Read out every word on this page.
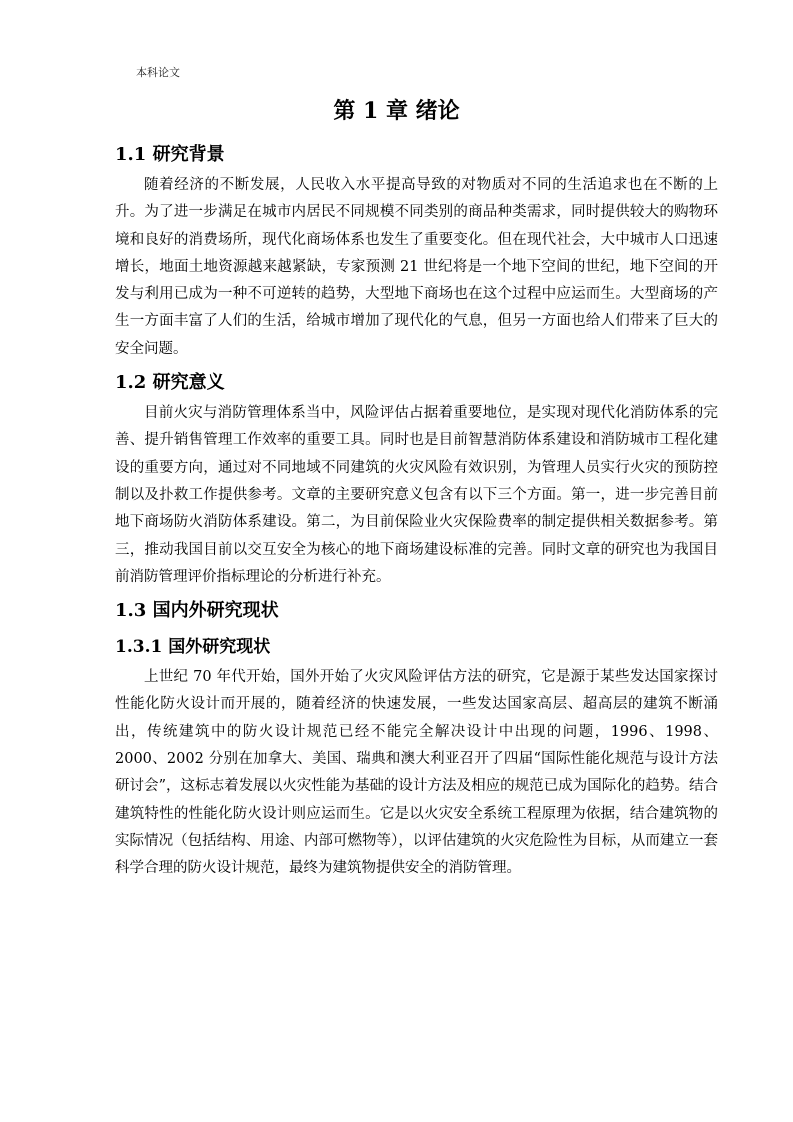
本科论文
第 1 章 绪论
1.1 研究背景

随着经济的不断发展，人民收入水平提高导致的对物质对不同的生活追求也在不断的上升。为了进一步满足在城市内居民不同规模不同类别的商品种类需求，同时提供较大的购物环境和良好的消费场所，现代化商场体系也发生了重要变化。但在现代社会，大中城市人口迅速增长，地面土地资源越来越紧缺，专家预测 21 世纪将是一个地下空间的世纪，地下空间的开发与利用已成为一种不可逆转的趋势，大型地下商场也在这个过程中应运而生。大型商场的产生一方面丰富了人们的生活，给城市增加了现代化的气息，但另一方面也给人们带来了巨大的安全问题。

1.2 研究意义

目前火灾与消防管理体系当中，风险评估占据着重要地位，是实现对现代化消防体系的完善、提升销售管理工作效率的重要工具。同时也是目前智慧消防体系建设和消防城市工程化建设的重要方向，通过对不同地域不同建筑的火灾风险有效识别，为管理人员实行火灾的预防控制以及扑救工作提供参考。文章的主要研究意义包含有以下三个方面。第一，进一步完善目前地下商场防火消防体系建设。第二，为目前保险业火灾保险费率的制定提供相关数据参考。第三，推动我国目前以交互安全为核心的地下商场建设标准的完善。同时文章的研究也为我国目前消防管理评价指标理论的分析进行补充。

1.3 国内外研究现状
1.3.1 国外研究现状

上世纪 70 年代开始，国外开始了火灾风险评估方法的研究，它是源于某些发达国家探讨性能化防火设计而开展的，随着经济的快速发展，一些发达国家高层、超高层的建筑不断涌出，传统建筑中的防火设计规范已经不能完全解决设计中出现的问题，1996、1998、2000、2002 分别在加拿大、美国、瑞典和澳大利亚召开了四届“国际性能化规范与设计方法研讨会”，这标志着发展以火灾性能为基础的设计方法及相应的规范已成为国际化的趋势。结合建筑特性的性能化防火设计则应运而生。它是以火灾安全系统工程原理为依据，结合建筑物的实际情况（包括结构、用途、内部可燃物等），以评估建筑的火灾危险性为目标，从而建立一套科学合理的防火设计规范，最终为建筑物提供安全的消防管理。
